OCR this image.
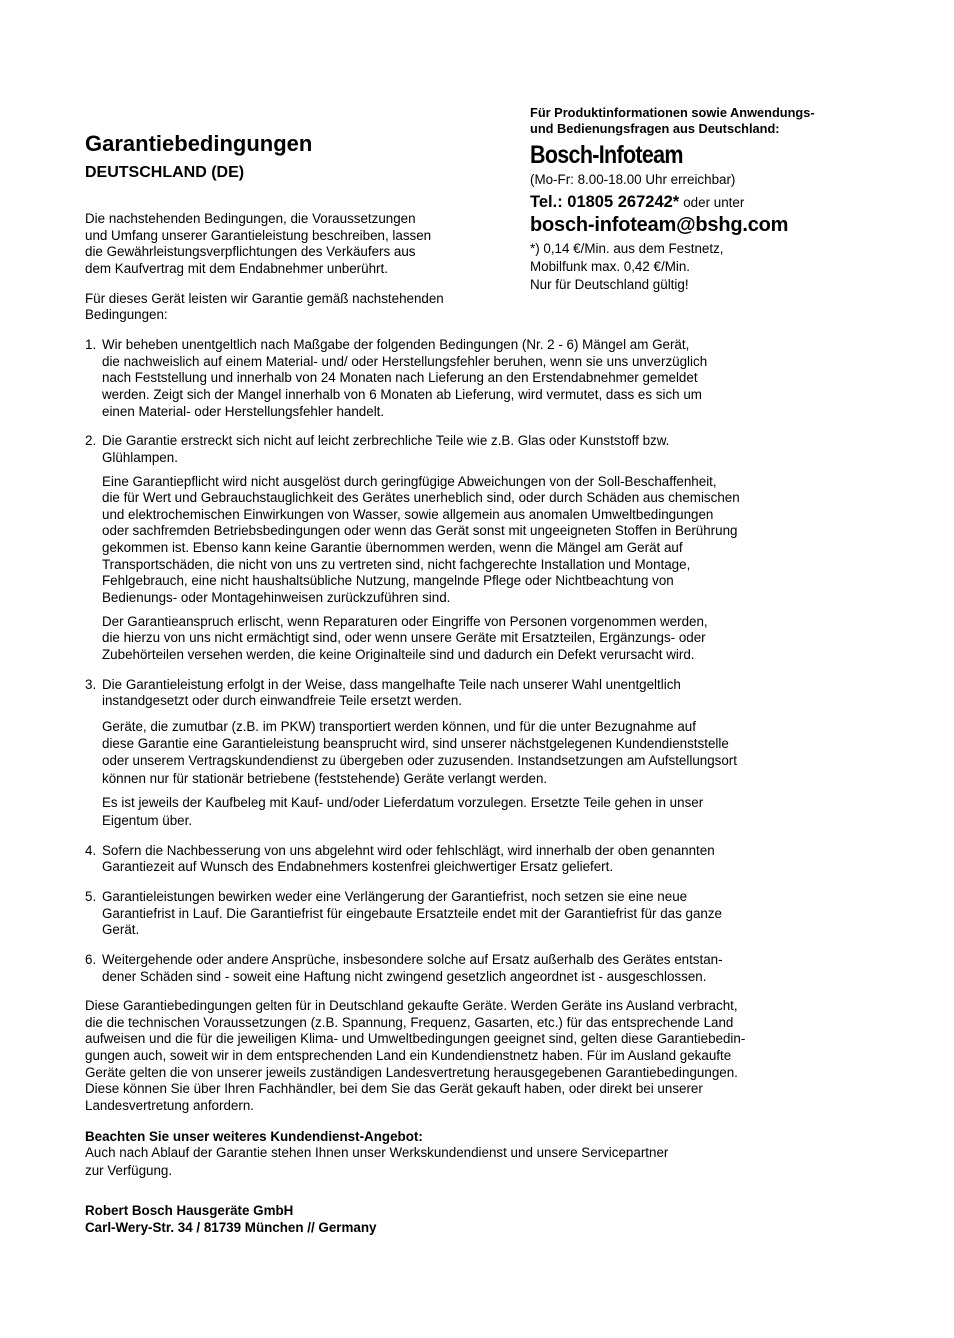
Garantiebedingungen
DEUTSCHLAND (DE)
Für Produktinformationen sowie Anwendungs-
und Bedienungsfragen aus Deutschland:
Bosch-Infoteam
(Mo-Fr: 8.00-18.00 Uhr erreichbar)
Tel.: 01805 267242* oder unter
bosch-infoteam@bshg.com
*) 0,14 €/Min. aus dem Festnetz,
Mobilfunk max. 0,42 €/Min.
Nur für Deutschland gültig!
Die nachstehenden Bedingungen, die Voraussetzungen
und Umfang unserer Garantieleistung beschreiben, lassen
die Gewährleistungsverpflichtungen des Verkäufers aus
dem Kaufvertrag mit dem Endabnehmer unberührt.
Für dieses Gerät leisten wir Garantie gemäß nachstehenden
Bedingungen:
1. Wir beheben unentgeltlich nach Maßgabe der folgenden Bedingungen (Nr. 2 - 6) Mängel am Gerät,
die nachweislich auf einem Material- und/ oder Herstellungsfehler beruhen, wenn sie uns unverzüglich
nach Feststellung und innerhalb von 24 Monaten nach Lieferung an den Erstendabnehmer gemeldet
werden. Zeigt sich der Mangel innerhalb von 6 Monaten ab Lieferung, wird vermutet, dass es sich um
einen Material- oder Herstellungsfehler handelt.
2. Die Garantie erstreckt sich nicht auf leicht zerbrechliche Teile wie z.B. Glas oder Kunststoff bzw.
Glühlampen.
Eine Garantiepflicht wird nicht ausgelöst durch geringfügige Abweichungen von der Soll-Beschaffenheit,
die für Wert und Gebrauchstauglichkeit des Gerätes unerheblich sind, oder durch Schäden aus chemischen
und elektrochemischen Einwirkungen von Wasser, sowie allgemein aus anomalen Umweltbedingungen
oder sachfremden Betriebsbedingungen oder wenn das Gerät sonst mit ungeeigneten Stoffen in Berührung
gekommen ist. Ebenso kann keine Garantie übernommen werden, wenn die Mängel am Gerät auf
Transportschäden, die nicht von uns zu vertreten sind, nicht fachgerechte Installation und Montage,
Fehlgebrauch, eine nicht haushaltsübliche Nutzung, mangelnde Pflege oder Nichtbeachtung von
Bedienungs- oder Montagehinweisen zurückzuführen sind.
Der Garantieanspruch erlischt, wenn Reparaturen oder Eingriffe von Personen vorgenommen werden,
die hierzu von uns nicht ermächtigt sind, oder wenn unsere Geräte mit Ersatzteilen, Ergänzungs- oder
Zubehörteilen versehen werden, die keine Originalteile sind und dadurch ein Defekt verursacht wird.
3. Die Garantieleistung erfolgt in der Weise, dass mangelhafte Teile nach unserer Wahl unentgeltlich
instandgesetzt oder durch einwandfreie Teile ersetzt werden.
Geräte, die zumutbar (z.B. im PKW) transportiert werden können, und für die unter Bezugnahme auf
diese Garantie eine Garantieleistung beansprucht wird, sind unserer nächstgelegenen Kundendienststelle
oder unserem Vertragskundendienst zu übergeben oder zuzusenden. Instandsetzungen am Aufstellungsort
können nur für stationär betriebene (feststehende) Geräte verlangt werden.
Es ist jeweils der Kaufbeleg mit Kauf- und/oder Lieferdatum vorzulegen. Ersetzte Teile gehen in unser
Eigentum über.
4. Sofern die Nachbesserung von uns abgelehnt wird oder fehlschlägt, wird innerhalb der oben genannten
Garantiezeit auf Wunsch des Endabnehmers kostenfrei gleichwertiger Ersatz geliefert.
5. Garantieleistungen bewirken weder eine Verlängerung der Garantiefrist, noch setzen sie eine neue
Garantiefrist in Lauf. Die Garantiefrist für eingebaute Ersatzteile endet mit der Garantiefrist für das ganze
Gerät.
6. Weitergehende oder andere Ansprüche, insbesondere solche auf Ersatz außerhalb des Gerätes entstan-
dener Schäden sind - soweit eine Haftung nicht zwingend gesetzlich angeordnet ist - ausgeschlossen.
Diese Garantiebedingungen gelten für in Deutschland gekaufte Geräte. Werden Geräte ins Ausland verbracht,
die die technischen Voraussetzungen (z.B. Spannung, Frequenz, Gasarten, etc.) für das entsprechende Land
aufweisen und die für die jeweiligen Klima- und Umweltbedingungen geeignet sind, gelten diese Garantiebedin-
gungen auch, soweit wir in dem entsprechenden Land ein Kundendienstnetz haben. Für im Ausland gekaufte
Geräte gelten die von unserer jeweils zuständigen Landesvertretung herausgegebenen Garantiebedingungen.
Diese können Sie über Ihren Fachhändler, bei dem Sie das Gerät gekauft haben, oder direkt bei unserer
Landesvertretung anfordern.
Beachten Sie unser weiteres Kundendienst-Angebot:
Auch nach Ablauf der Garantie stehen Ihnen unser Werkskundendienst und unsere Servicepartner
zur Verfügung.
Robert Bosch Hausgeräte GmbH
Carl-Wery-Str. 34 / 81739 München // Germany
